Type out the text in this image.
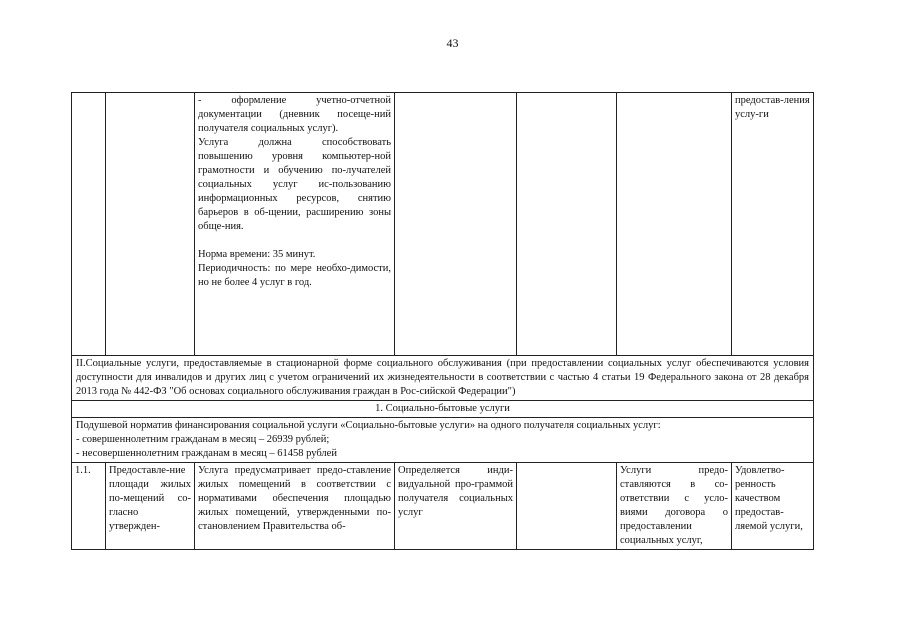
43

		- оформление учетно-отчетной документации (дневник посеще-ний получателя социальных услуг).
Услуга должна способствовать повышению уровня компьютер-ной грамотности и обучению по-лучателей социальных услуг ис-пользованию информационных ресурсов, снятию барьеров в об-щении, расширению зоны обще-ния.
Норма времени: 35 минут.
Периодичность: по мере необхо-димости, но не более 4 услуг в год.				предостав-ления услу-ги
II.Социальные услуги, предоставляемые в стационарной форме социального обслуживания (при предоставлении социальных услуг обеспечиваются условия доступности для инвалидов и других лиц с учетом ограничений их жизнедеятельности в соответствии с частью 4 статьи 19 Федерального закона от 28 декабря 2013 года № 442-ФЗ "Об основах социального обслуживания граждан в Рос-сийской Федерации")						
1. Социально-бытовые услуги						

Подушевой норматив финансирования социальной услуги «Социально-бытовые услуги» на одного получателя социальных услуг:
- совершеннолетним гражданам в месяц – 26939 рублей;
- несовершеннолетним гражданам в месяц – 61458 рублей						

1.1.	Предоставле-ние площади жилых по-мещений со-гласно утвержден-	Услуга предусматривает предо-ставление жилых помещений в соответствии с нормативами обеспечения площадью жилых помещений, утвержденными по-становлением Правительства об-	Определяется инди-видуальной про-граммой получателя социальных услуг		Услуги предо-ставляются в со-ответствии с усло-виями договора о предоставлении социальных услуг,	Удовлетво-ренность качеством предостав-ляемой услуги,
